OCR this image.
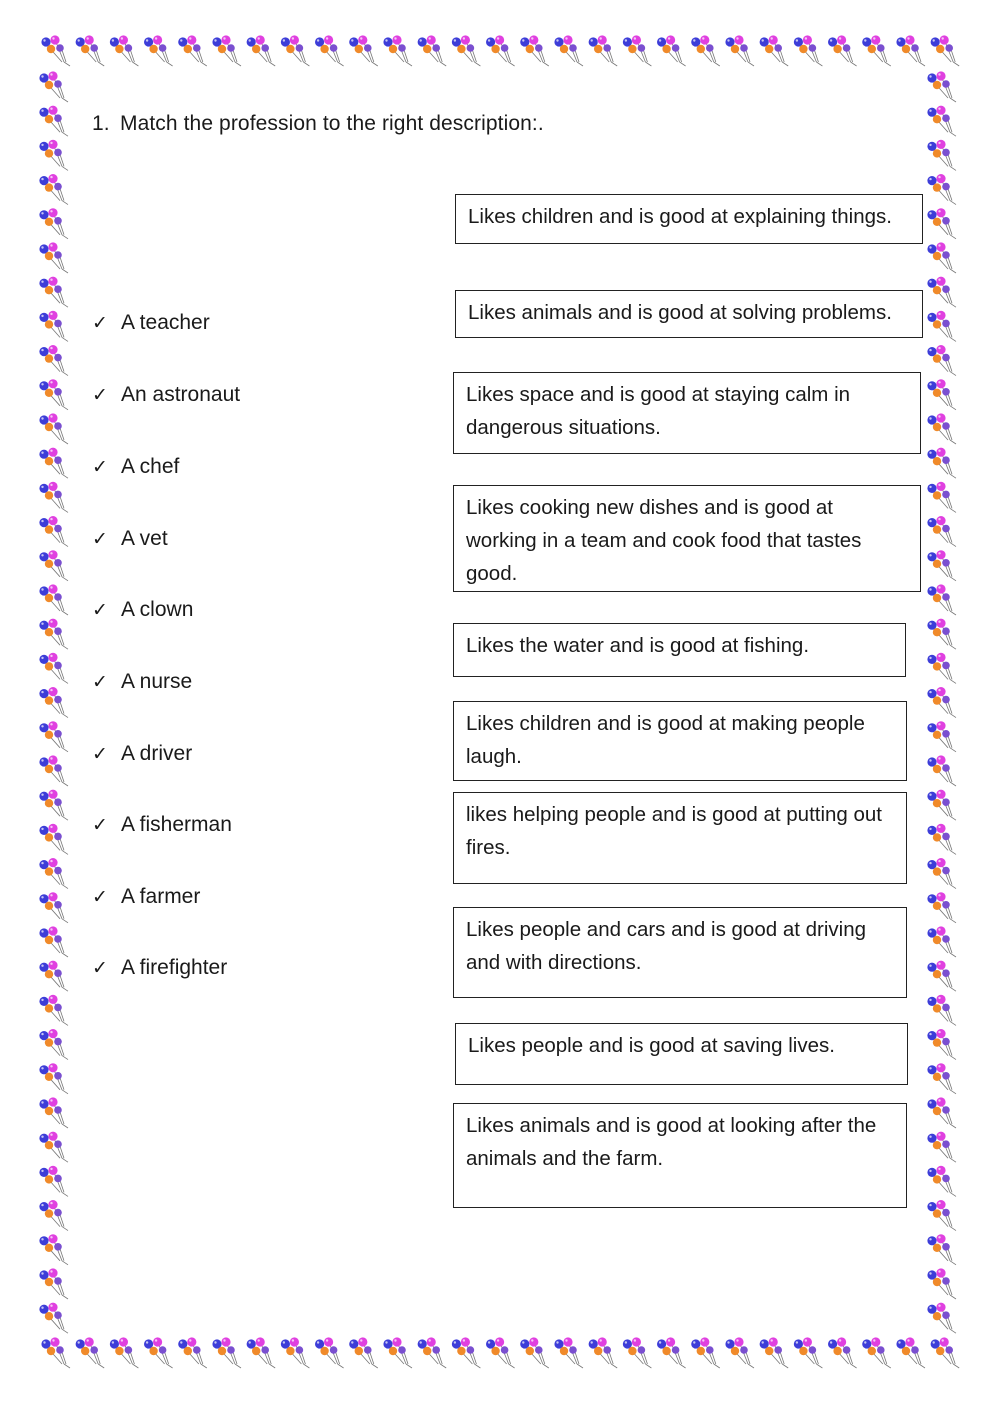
1. Match the profession to the right description:.
✓ A teacher
✓ An astronaut
✓ A chef
✓ A vet
✓ A clown
✓ A nurse
✓ A driver
✓ A fisherman
✓ A farmer
✓ A firefighter
Likes children and is good at explaining things.
Likes animals and is good at solving problems.
Likes space and is good at staying calm in dangerous situations.
Likes cooking new dishes and is good at working in a team and cook food that tastes good.
Likes the water and is good at fishing.
Likes children and is good at making people laugh.
likes helping people and is good at putting out fires.
Likes people and cars and is good at driving and with directions.
Likes people and is good at saving lives.
Likes animals and is good at looking after the animals and the farm.
